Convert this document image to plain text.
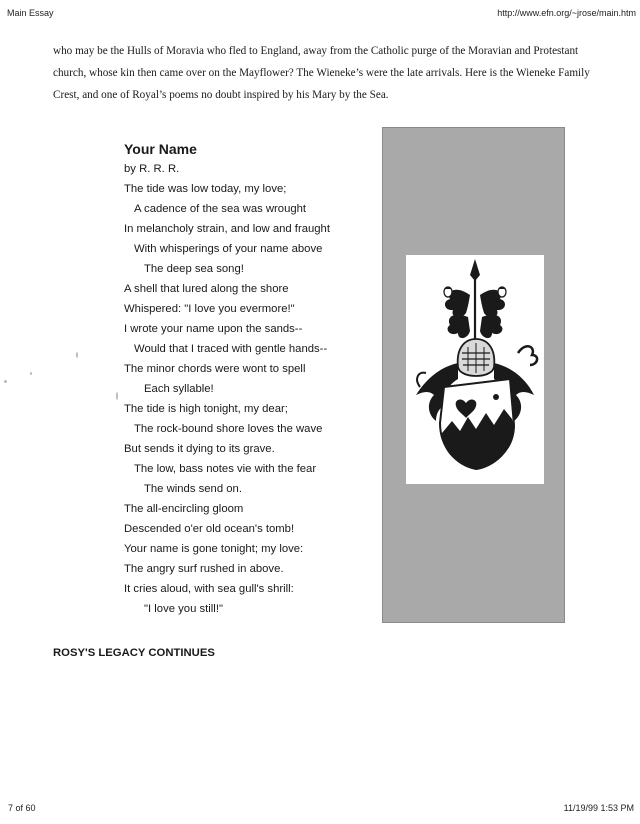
Main Essay	http://www.efn.org/~jrose/main.htm

who may be the Hulls of Moravia who fled to England, away from the Catholic purge of the Moravian and Protestant church, whose kin then came over on the Mayflower? The Wieneke’s were the late arrivals. Here is the Wieneke Family Crest, and one of Royal’s poems no doubt inspired by his Mary by the Sea.

Your Name
by R. R. R.
The tide was low today, my love;
A cadence of the sea was wrought
In melancholy strain, and low and fraught
With whisperings of your name above
The deep sea song!
A shell that lured along the shore
Whispered: "I love you evermore!"
I wrote your name upon the sands--
Would that I traced with gentle hands--
The minor chords were wont to spell
Each syllable!
The tide is high tonight, my dear;
The rock-bound shore loves the wave
But sends it dying to its grave.
The low, bass notes vie with the fear
The winds send on.
The all-encircling gloom
Descended o'er old ocean's tomb!
Your name is gone tonight; my love:
The angry surf rushed in above.
It cries aloud, with sea gull's shrill:
"I love you still!"
ROSY'S LEGACY CONTINUES
7 of 60	11/19/99 1:53 PM
